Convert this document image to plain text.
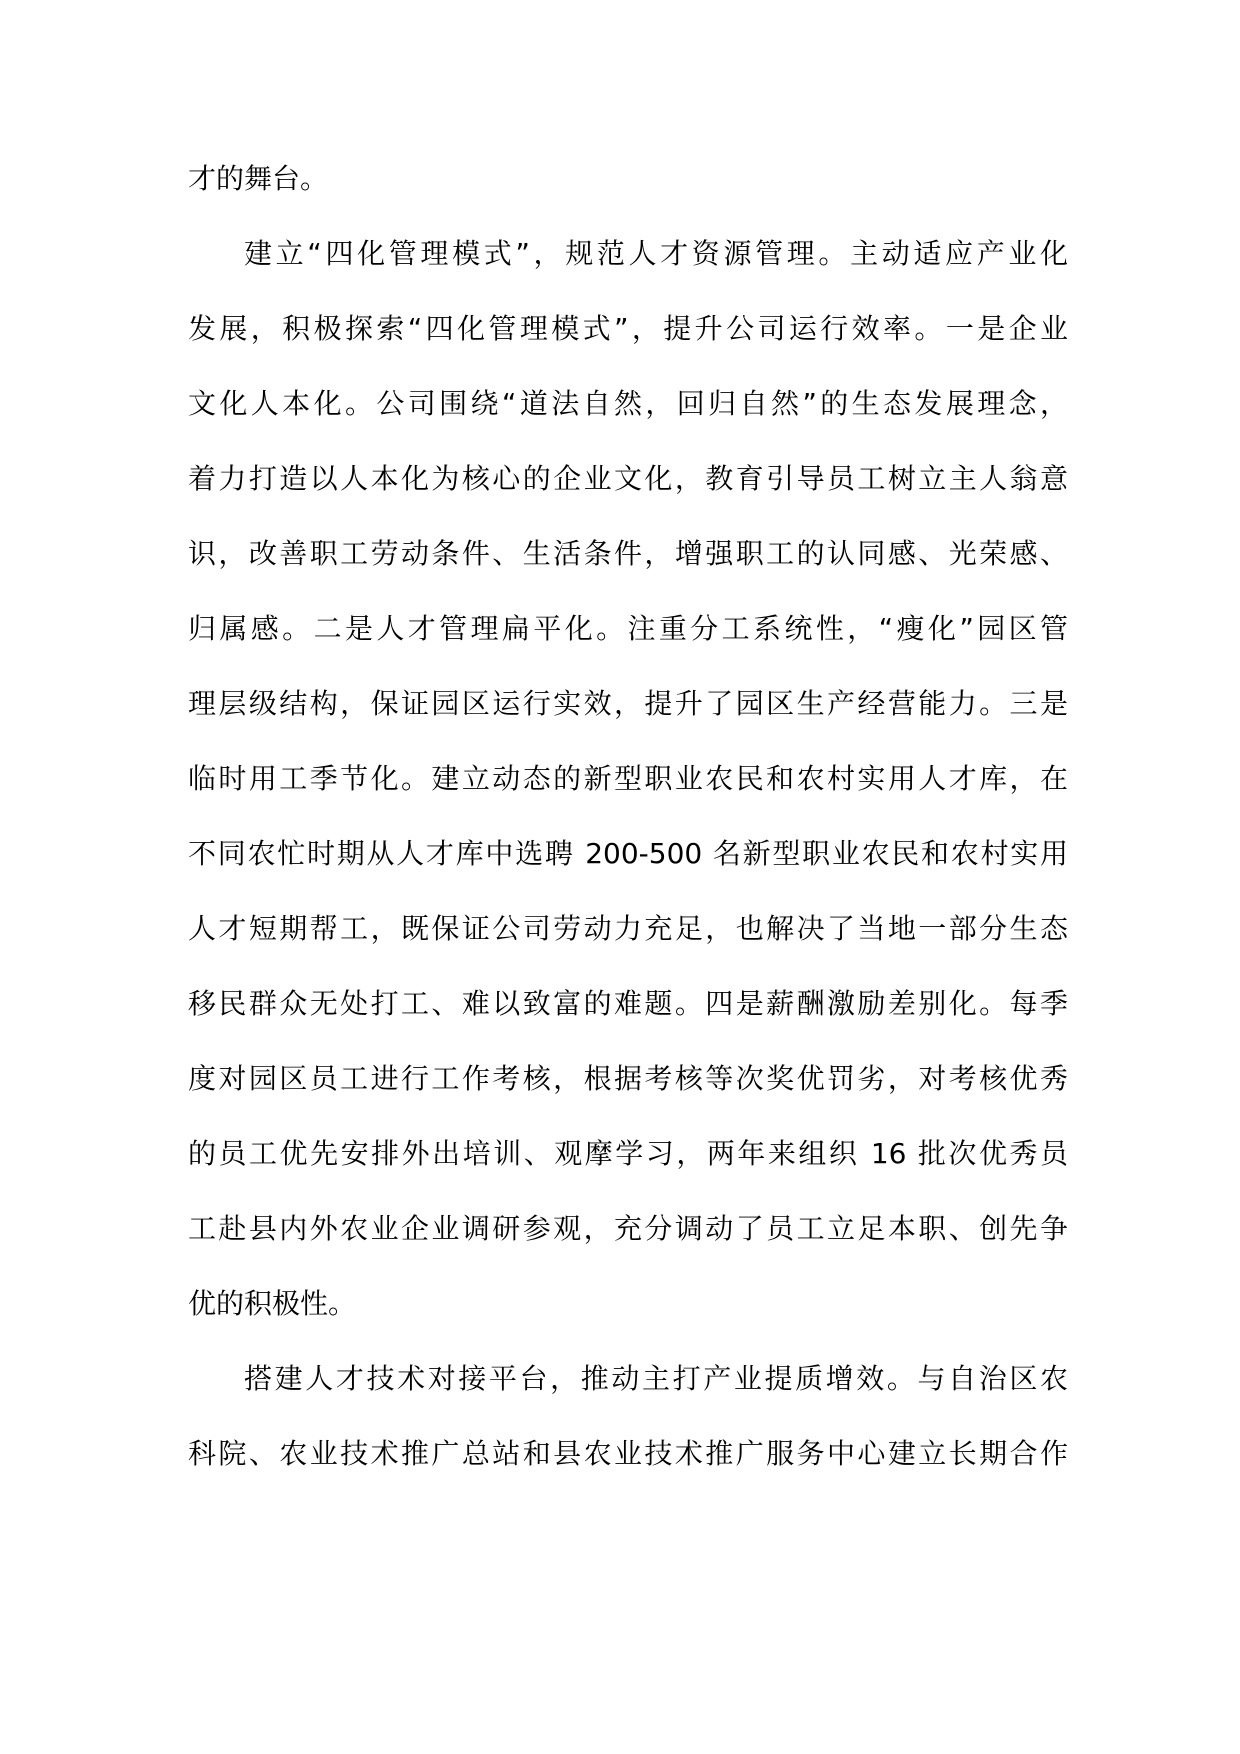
才的舞台。
建立“四化管理模式”，规范人才资源管理。主动适应产业化
发展，积极探索“四化管理模式”，提升公司运行效率。一是企业
文化人本化。公司围绕“道法自然，回归自然”的生态发展理念，
着力打造以人本化为核心的企业文化，教育引导员工树立主人翁意
识，改善职工劳动条件、生活条件，增强职工的认同感、光荣感、
归属感。二是人才管理扁平化。注重分工系统性，“瘦化”园区管
理层级结构，保证园区运行实效，提升了园区生产经营能力。三是
临时用工季节化。建立动态的新型职业农民和农村实用人才库，在
不同农忙时期从人才库中选聘 200-500 名新型职业农民和农村实用
人才短期帮工，既保证公司劳动力充足，也解决了当地一部分生态
移民群众无处打工、难以致富的难题。四是薪酬激励差别化。每季
度对园区员工进行工作考核，根据考核等次奖优罚劣，对考核优秀
的员工优先安排外出培训、观摩学习，两年来组织 16 批次优秀员
工赴县内外农业企业调研参观，充分调动了员工立足本职、创先争
优的积极性。
搭建人才技术对接平台，推动主打产业提质增效。与自治区农
科院、农业技术推广总站和县农业技术推广服务中心建立长期合作
